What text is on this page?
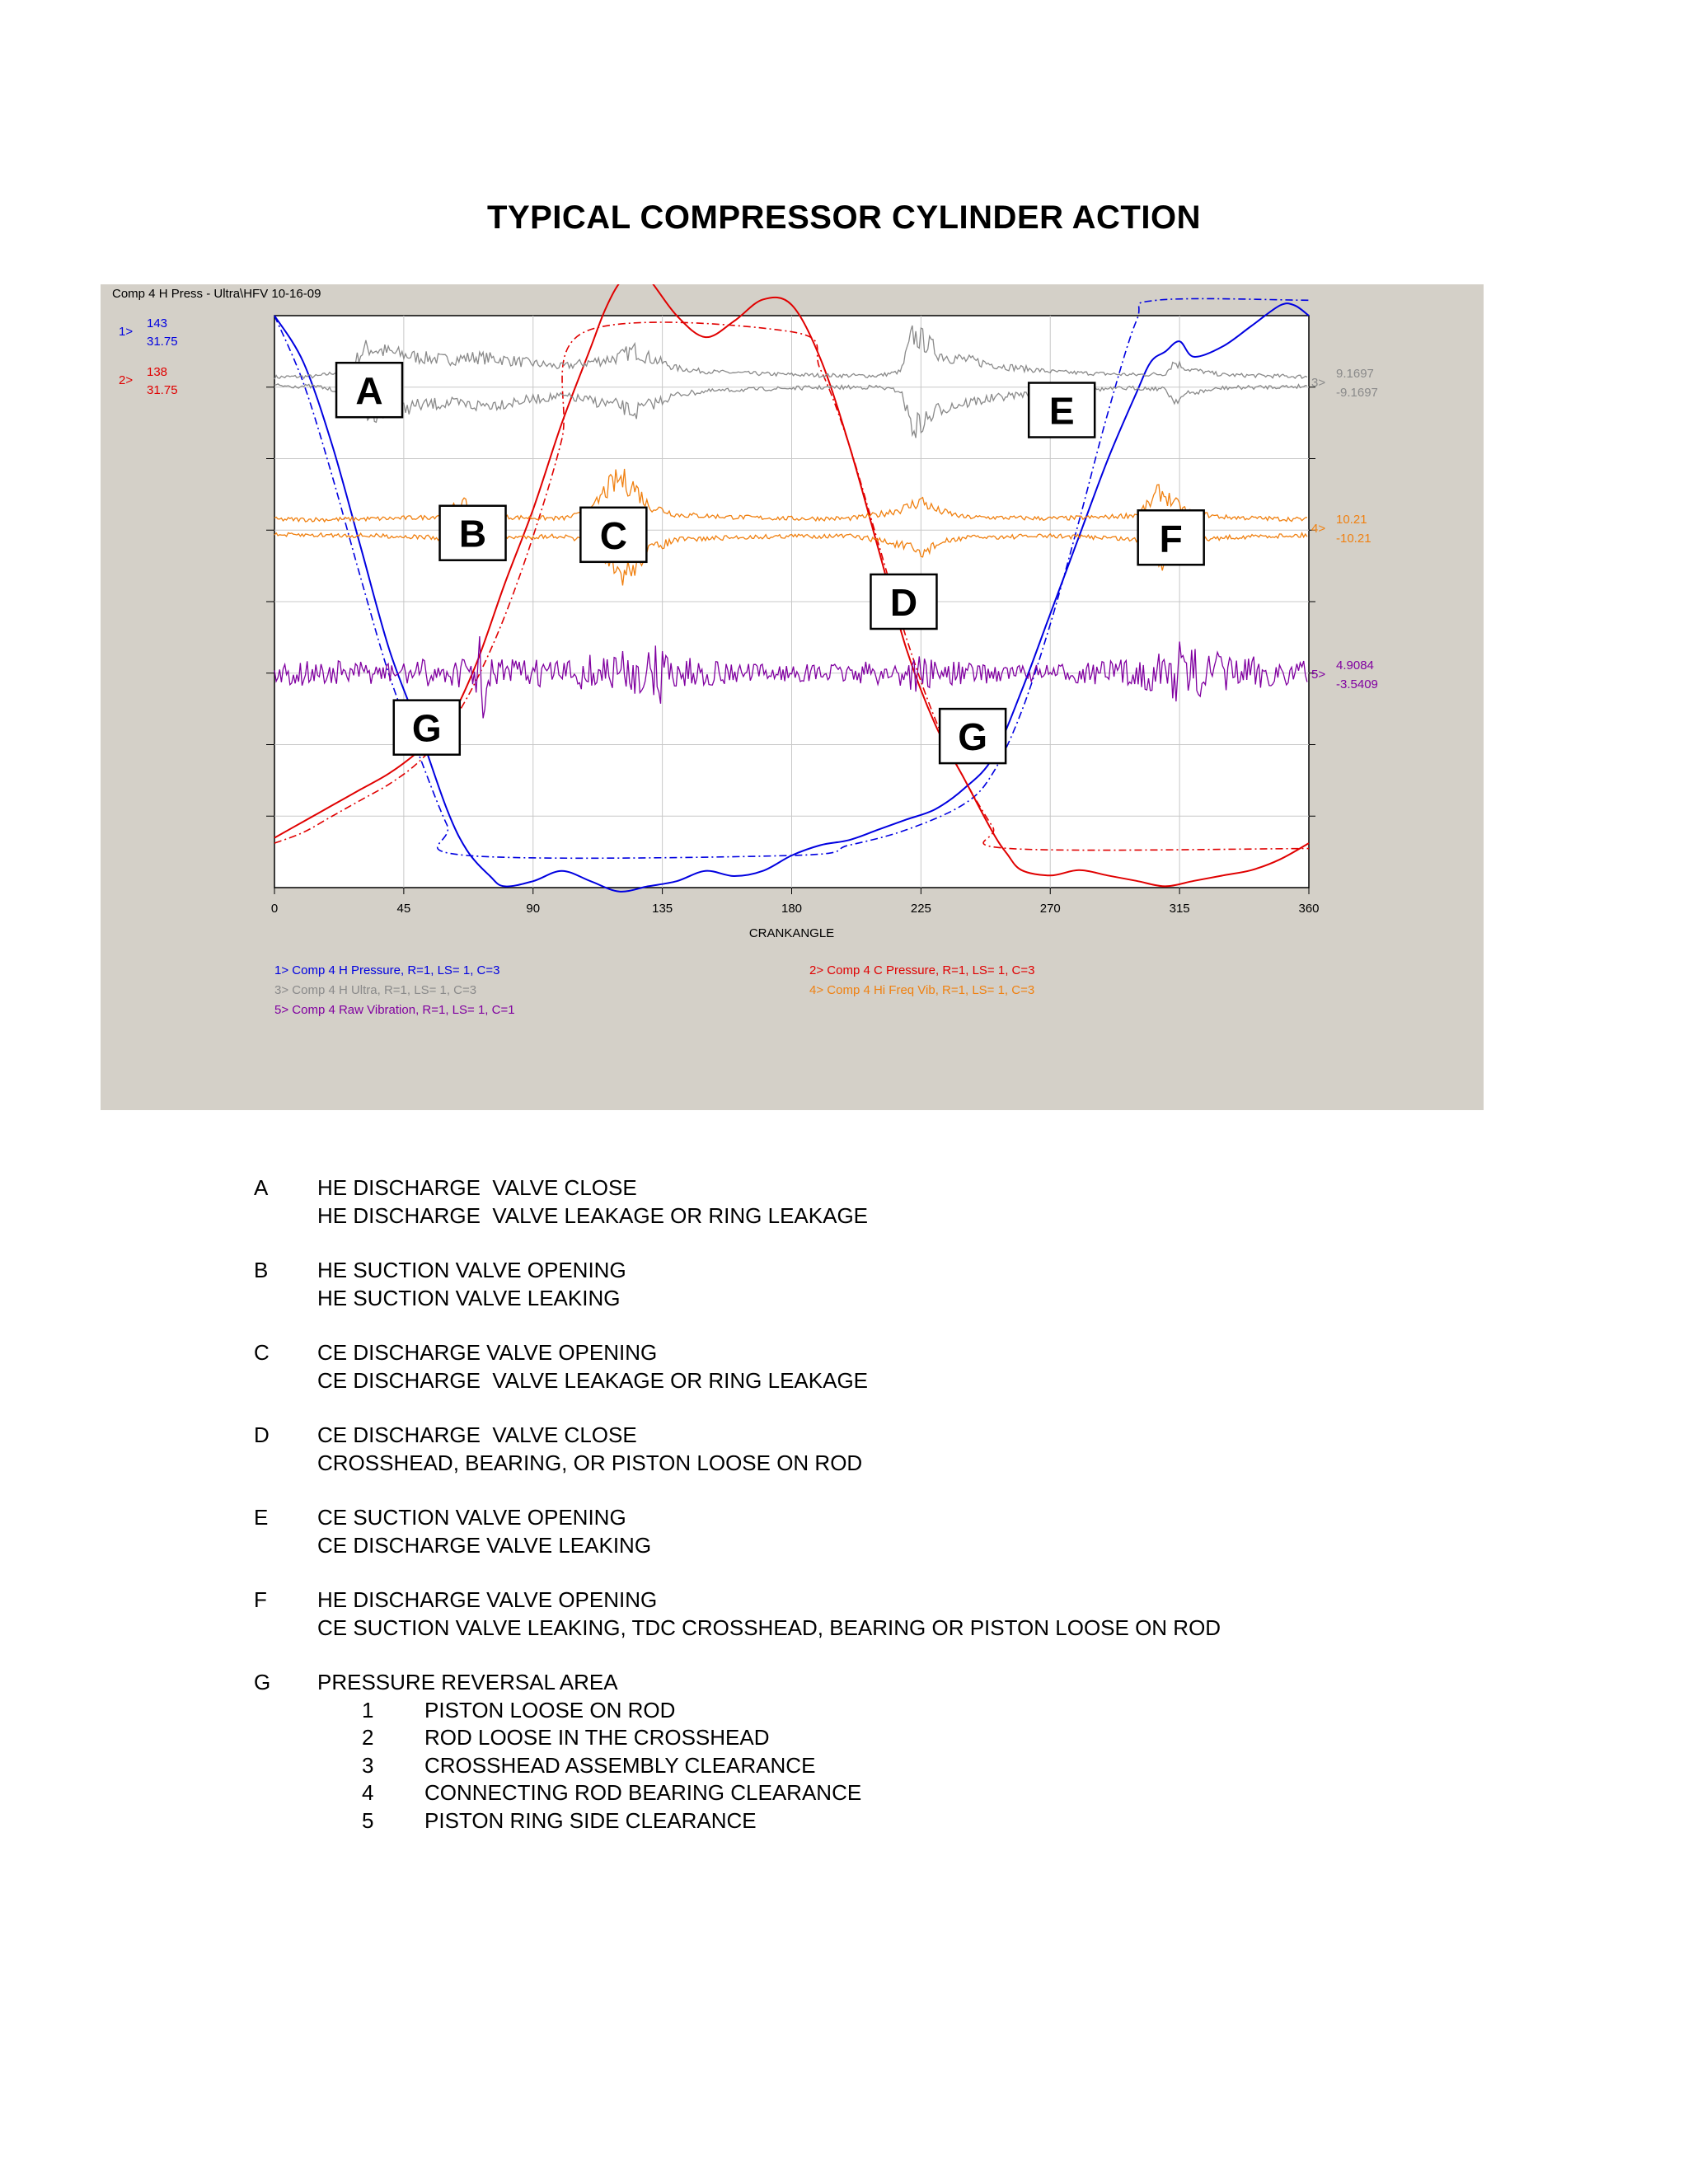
TYPICAL COMPRESSOR CYLINDER ACTION
0	45	90	135	180	225	270	315	360
CRANKANGLE
Comp 4 H Press - Ultra\HFV 10-16-09
1>
143
31.75
2>
138
31.75
3>
9.1697
-9.1697
4>
10.21
-10.21
5>
4.9084
-3.5409
A	E
B	C	F
D
G	G
1> Comp 4 H Pressure, R=1, LS= 1, C=3
3> Comp 4 H Ultra, R=1, LS= 1, C=3
5> Comp 4 Raw Vibration, R=1, LS= 1, C=1
2> Comp 4 C Pressure, R=1, LS= 1, C=3
4> Comp 4 Hi Freq Vib, R=1, LS= 1, C=3
A HE DISCHARGE  VALVE CLOSE
HE DISCHARGE  VALVE LEAKAGE OR RING LEAKAGE
B HE SUCTION VALVE OPENING
HE SUCTION VALVE LEAKING
C CE DISCHARGE VALVE OPENING
CE DISCHARGE  VALVE LEAKAGE OR RING LEAKAGE
D CE DISCHARGE  VALVE CLOSE
CROSSHEAD, BEARING, OR PISTON LOOSE ON ROD
E CE SUCTION VALVE OPENING
CE DISCHARGE VALVE LEAKING
F HE DISCHARGE VALVE OPENING
CE SUCTION VALVE LEAKING, TDC CROSSHEAD, BEARING OR PISTON LOOSE ON ROD
G PRESSURE REVERSAL AREA
1 PISTON LOOSE ON ROD
2 ROD LOOSE IN THE CROSSHEAD
3 CROSSHEAD ASSEMBLY CLEARANCE
4 CONNECTING ROD BEARING CLEARANCE
5 PISTON RING SIDE CLEARANCE
